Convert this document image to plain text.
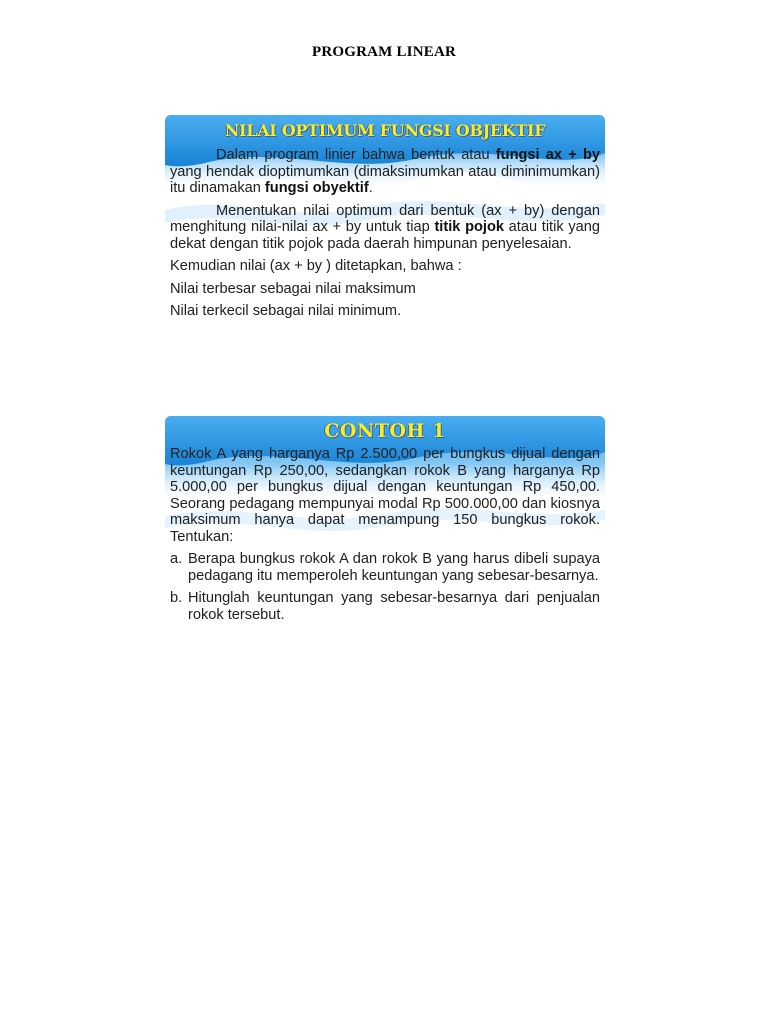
PROGRAM LINEAR
NILAI OPTIMUM FUNGSI OBJEKTIF

Dalam program linier bahwa bentuk atau fungsi ax + by yang hendak dioptimumkan (dimaksimumkan atau diminimumkan) itu dinamakan fungsi obyektif.

Menentukan nilai optimum dari bentuk (ax + by) dengan menghitung nilai-nilai ax + by untuk tiap titik pojok atau titik yang dekat dengan titik pojok pada daerah himpunan penyelesaian.

Kemudian nilai (ax + by ) ditetapkan, bahwa :

Nilai terbesar sebagai nilai maksimum

Nilai terkecil sebagai nilai minimum.

CONTOH 1

Rokok A yang harganya Rp 2.500,00 per bungkus dijual dengan keuntungan Rp 250,00, sedangkan rokok B yang harganya Rp 5.000,00 per bungkus dijual dengan keuntungan Rp 450,00. Seorang pedagang mempunyai modal Rp 500.000,00 dan kiosnya maksimum hanya dapat menampung 150 bungkus rokok. Tentukan:

a. Berapa bungkus rokok A dan rokok B yang harus dibeli supaya pedagang itu memperoleh keuntungan yang sebesar-besarnya.
b. Hitunglah keuntungan yang sebesar-besarnya dari penjualan rokok tersebut.
